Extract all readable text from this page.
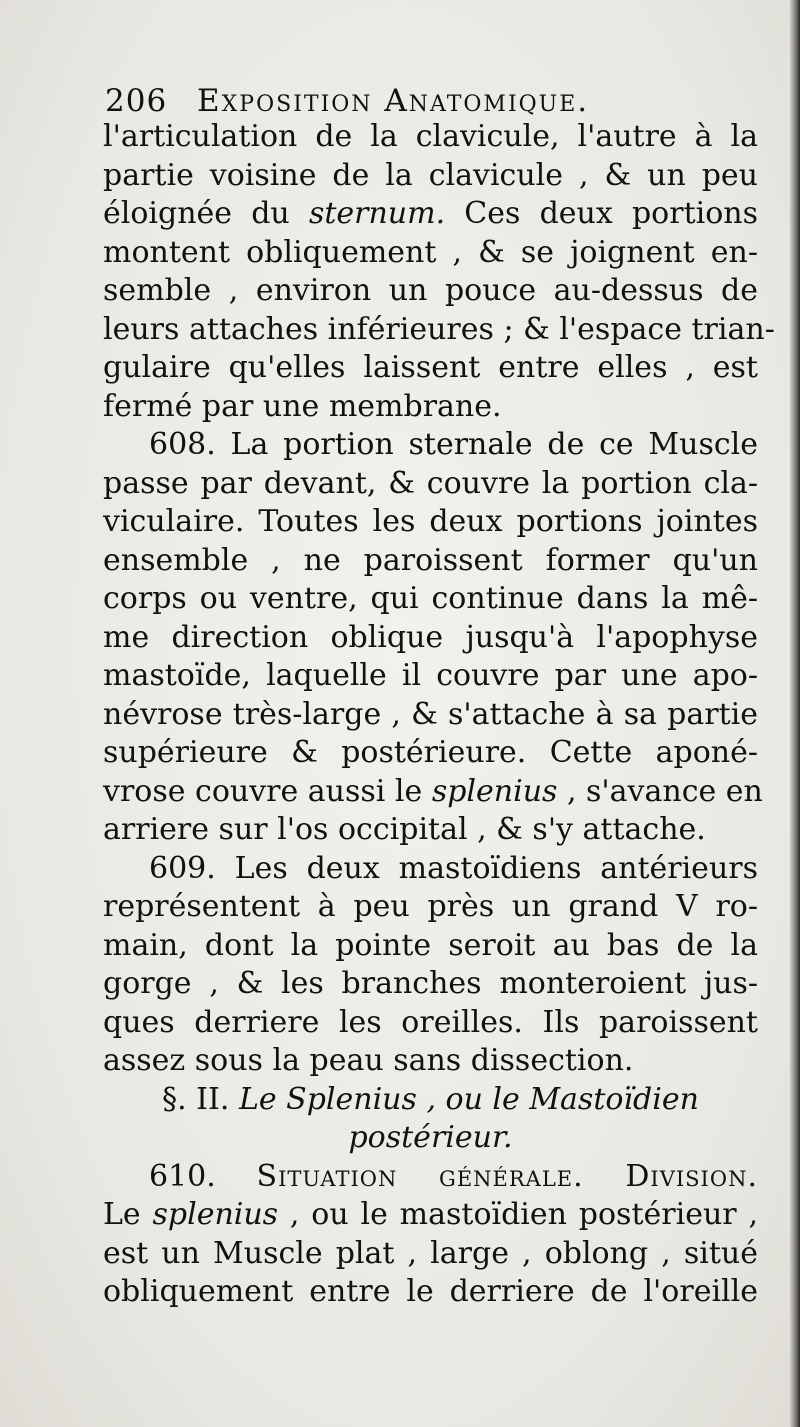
206 Exposition Anatomique.
l'articulation de la clavicule, l'autre à la
partie voisine de la clavicule , & un peu
éloignée du sternum. Ces deux portions
montent obliquement , & se joignent en-
semble , environ un pouce au-dessus de
leurs attaches inférieures ; & l'espace trian-
gulaire qu'elles laissent entre elles , est
fermé par une membrane.
608. La portion sternale de ce Muscle
passe par devant, & couvre la portion cla-
viculaire. Toutes les deux portions jointes
ensemble , ne paroissent former qu'un
corps ou ventre, qui continue dans la mê-
me direction oblique jusqu'à l'apophyse
mastoïde, laquelle il couvre par une apo-
névrose très-large , & s'attache à sa partie
supérieure & postérieure. Cette aponé-
vrose couvre aussi le splenius , s'avance en
arriere sur l'os occipital , & s'y attache.
609. Les deux mastoïdiens antérieurs
représentent à peu près un grand V ro-
main, dont la pointe seroit au bas de la
gorge , & les branches monteroient jus-
ques derriere les oreilles. Ils paroissent
assez sous la peau sans dissection.
§. II. Le Splenius , ou le Mastoïdien
postérieur.
610. Situation générale. Division.
Le splenius , ou le mastoïdien postérieur ,
est un Muscle plat , large , oblong , situé
obliquement entre le derriere de l'oreille
